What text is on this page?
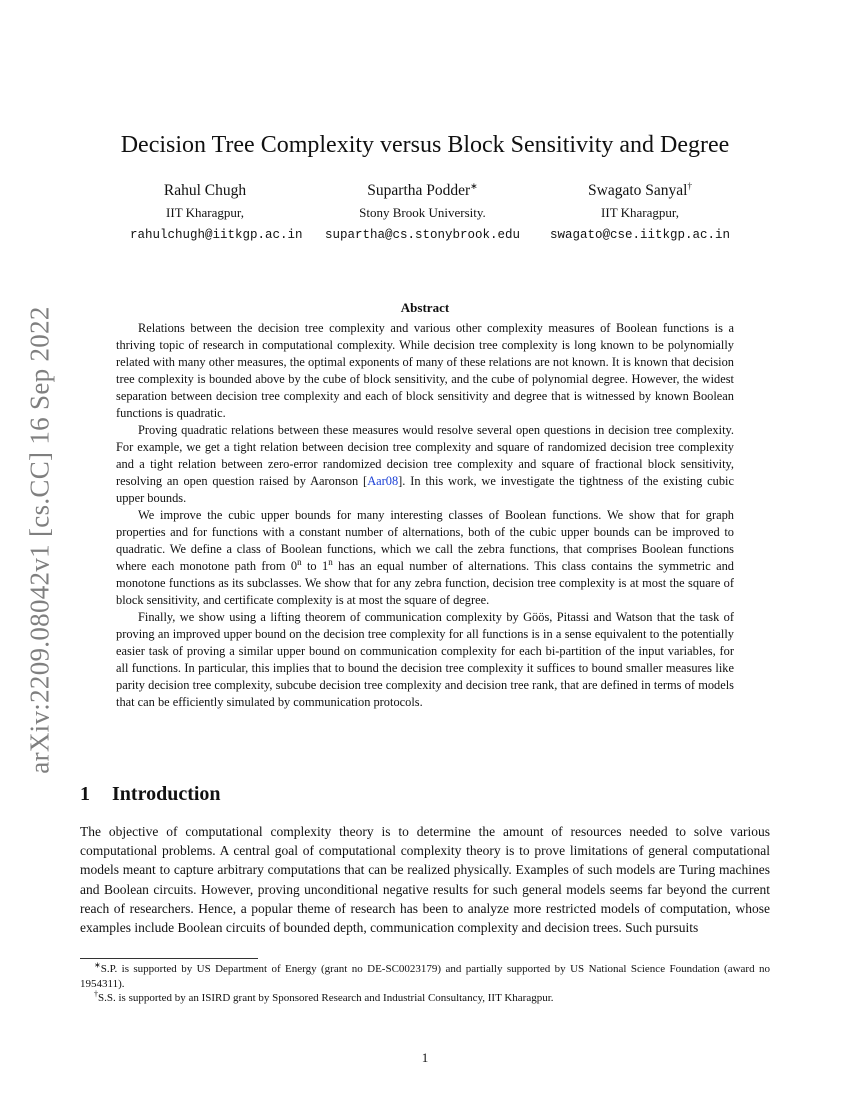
arXiv:2209.08042v1 [cs.CC] 16 Sep 2022
Decision Tree Complexity versus Block Sensitivity and Degree
Rahul Chugh
IIT Kharagpur,
rahulchugh@iitkgp.ac.in
Supartha Podder∗
Stony Brook University.
supartha@cs.stonybrook.edu
Swagato Sanyal†
IIT Kharagpur,
swagato@cse.iitkgp.ac.in
Abstract

Relations between the decision tree complexity and various other complexity measures of Boolean functions is a thriving topic of research in computational complexity. While decision tree complexity is long known to be polynomially related with many other measures, the optimal exponents of many of these relations are not known. It is known that decision tree complexity is bounded above by the cube of block sensitivity, and the cube of polynomial degree. However, the widest separation between decision tree complexity and each of block sensitivity and degree that is witnessed by known Boolean functions is quadratic.

Proving quadratic relations between these measures would resolve several open questions in decision tree complexity. For example, we get a tight relation between decision tree complexity and square of randomized decision tree complexity and a tight relation between zero-error randomized decision tree complexity and square of fractional block sensitivity, resolving an open question raised by Aaronson [Aar08]. In this work, we investigate the tightness of the existing cubic upper bounds.

We improve the cubic upper bounds for many interesting classes of Boolean functions. We show that for graph properties and for functions with a constant number of alternations, both of the cubic upper bounds can be improved to quadratic. We define a class of Boolean functions, which we call the zebra functions, that comprises Boolean functions where each monotone path from 0$^n$ to 1$^n$ has an equal number of alternations. This class contains the symmetric and monotone functions as its subclasses. We show that for any zebra function, decision tree complexity is at most the square of block sensitivity, and certificate complexity is at most the square of degree.

Finally, we show using a lifting theorem of communication complexity by Göös, Pitassi and Watson that the task of proving an improved upper bound on the decision tree complexity for all functions is in a sense equivalent to the potentially easier task of proving a similar upper bound on communication complexity for each bi-partition of the input variables, for all functions. In particular, this implies that to bound the decision tree complexity it suffices to bound smaller measures like parity decision tree complexity, subcube decision tree complexity and decision tree rank, that are defined in terms of models that can be efficiently simulated by communication protocols.

1 Introduction

The objective of computational complexity theory is to determine the amount of resources needed to solve various computational problems. A central goal of computational complexity theory is to prove limitations of general computational models meant to capture arbitrary computations that can be realized physically. Examples of such models are Turing machines and Boolean circuits. However, proving unconditional negative results for such general models seems far beyond the current reach of researchers. Hence, a popular theme of research has been to analyze more restricted models of computation, whose examples include Boolean circuits of bounded depth, communication complexity and decision trees. Such pursuits

∗S.P. is supported by US Department of Energy (grant no DE-SC0023179) and partially supported by US National Science Foundation (award no 1954311).

†S.S. is supported by an ISIRD grant by Sponsored Research and Industrial Consultancy, IIT Kharagpur.

1
